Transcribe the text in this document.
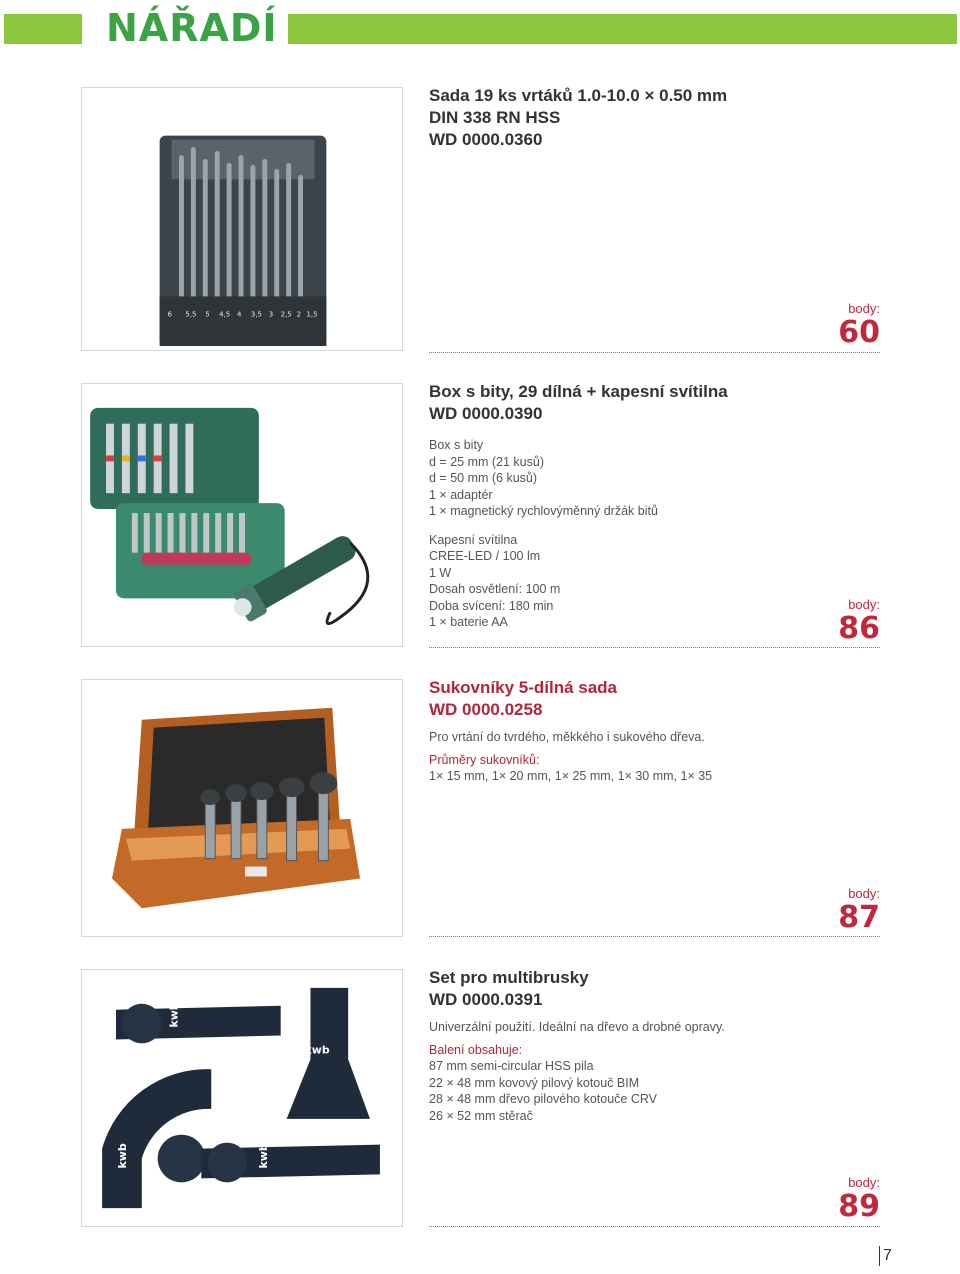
NÁŘADÍ
6 5,5 5 4,5 4 3,5 3 2,5 2 1,5
Sada 19 ks vrtáků 1.0-10.0 × 0.50 mm
DIN 338 RN HSS
WD 0000.0360
body:
60
Box s bity, 29 dílná + kapesní svítilna
WD 0000.0390
Box s bity
d = 25 mm (21 kusů)
d = 50 mm (6 kusů)
1 × adaptér
1 × magnetický rychlovýměnný držák bitů
Kapesní svítilna
CREE-LED / 100 lm
1 W
Dosah osvětlení: 100 m
Doba svícení: 180 min
1 × baterie AA
body:
86
Sukovníky 5-dílná sada
WD 0000.0258
Pro vrtání do tvrdého, měkkého i sukového dřeva.
Průměry sukovníků:
1× 15 mm, 1× 20 mm, 1× 25 mm, 1× 30 mm, 1× 35
body:
87
kwb
kwb
kwb	kwb
Set pro multibrusky
WD 0000.0391
Univerzální použití. Ideální na dřevo a drobné opravy.
Balení obsahuje:
87 mm semi-circular HSS pila
22 × 48 mm kovový pilový kotouč BIM
28 × 48 mm dřevo pilového kotouče CRV
26 × 52 mm stěrač
body:
89
7
